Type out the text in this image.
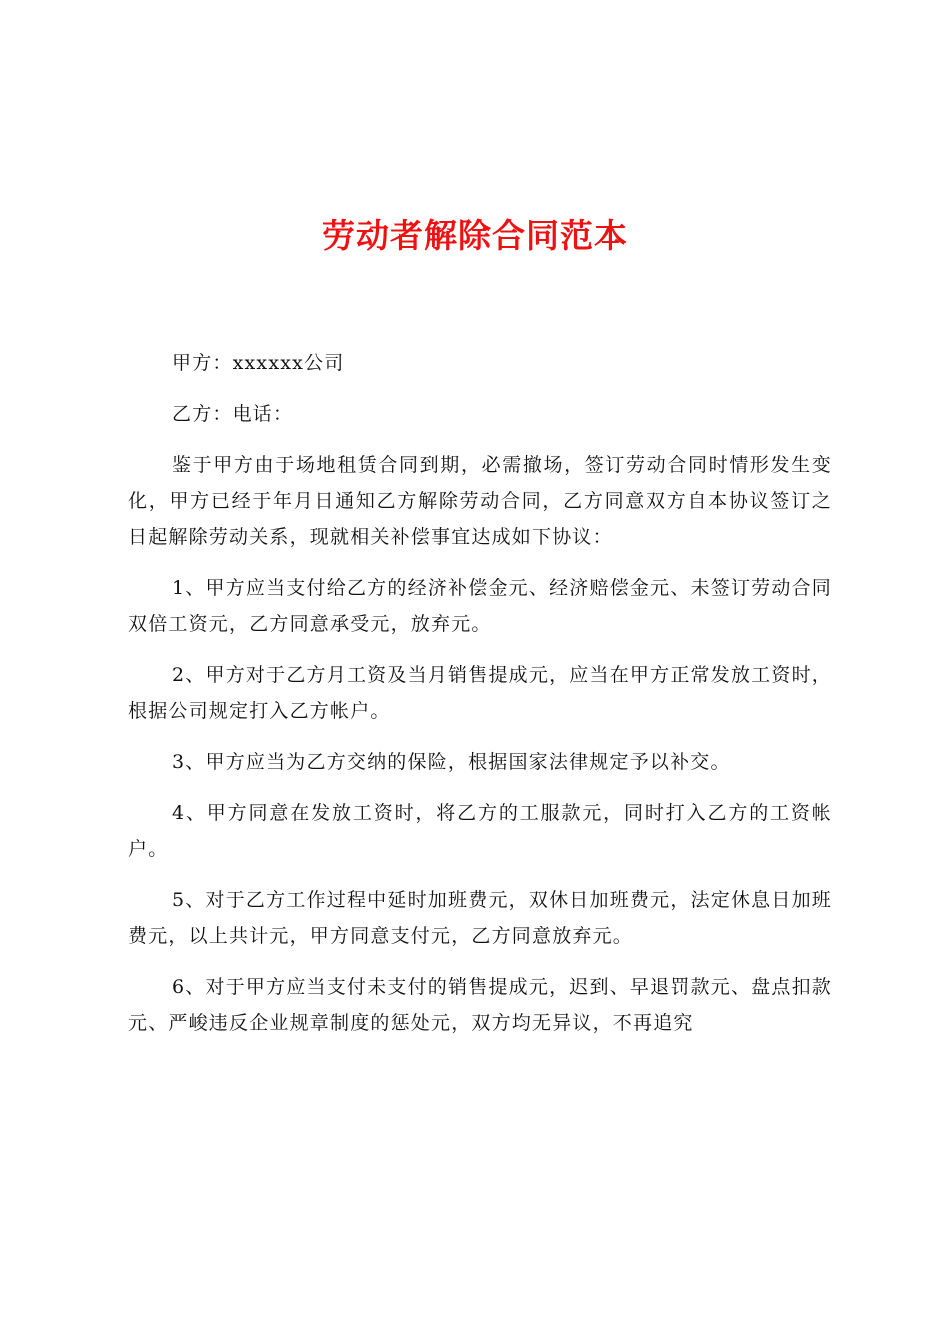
劳动者解除合同范本

甲方：xxxxxx公司

乙方：电话：

鉴于甲方由于场地租赁合同到期，必需撤场，签订劳动合同时情形发生变化，甲方已经于年月日通知乙方解除劳动合同，乙方同意双方自本协议签订之日起解除劳动关系，现就相关补偿事宜达成如下协议：

1、甲方应当支付给乙方的经济补偿金元、经济赔偿金元、未签订劳动合同双倍工资元，乙方同意承受元，放弃元。

2、甲方对于乙方月工资及当月销售提成元，应当在甲方正常发放工资时，根据公司规定打入乙方帐户。

3、甲方应当为乙方交纳的保险，根据国家法律规定予以补交。

4、甲方同意在发放工资时，将乙方的工服款元，同时打入乙方的工资帐户。

5、对于乙方工作过程中延时加班费元，双休日加班费元，法定休息日加班费元，以上共计元，甲方同意支付元，乙方同意放弃元。

6、对于甲方应当支付未支付的销售提成元，迟到、早退罚款元、盘点扣款元、严峻违反企业规章制度的惩处元，双方均无异议，不再追究
